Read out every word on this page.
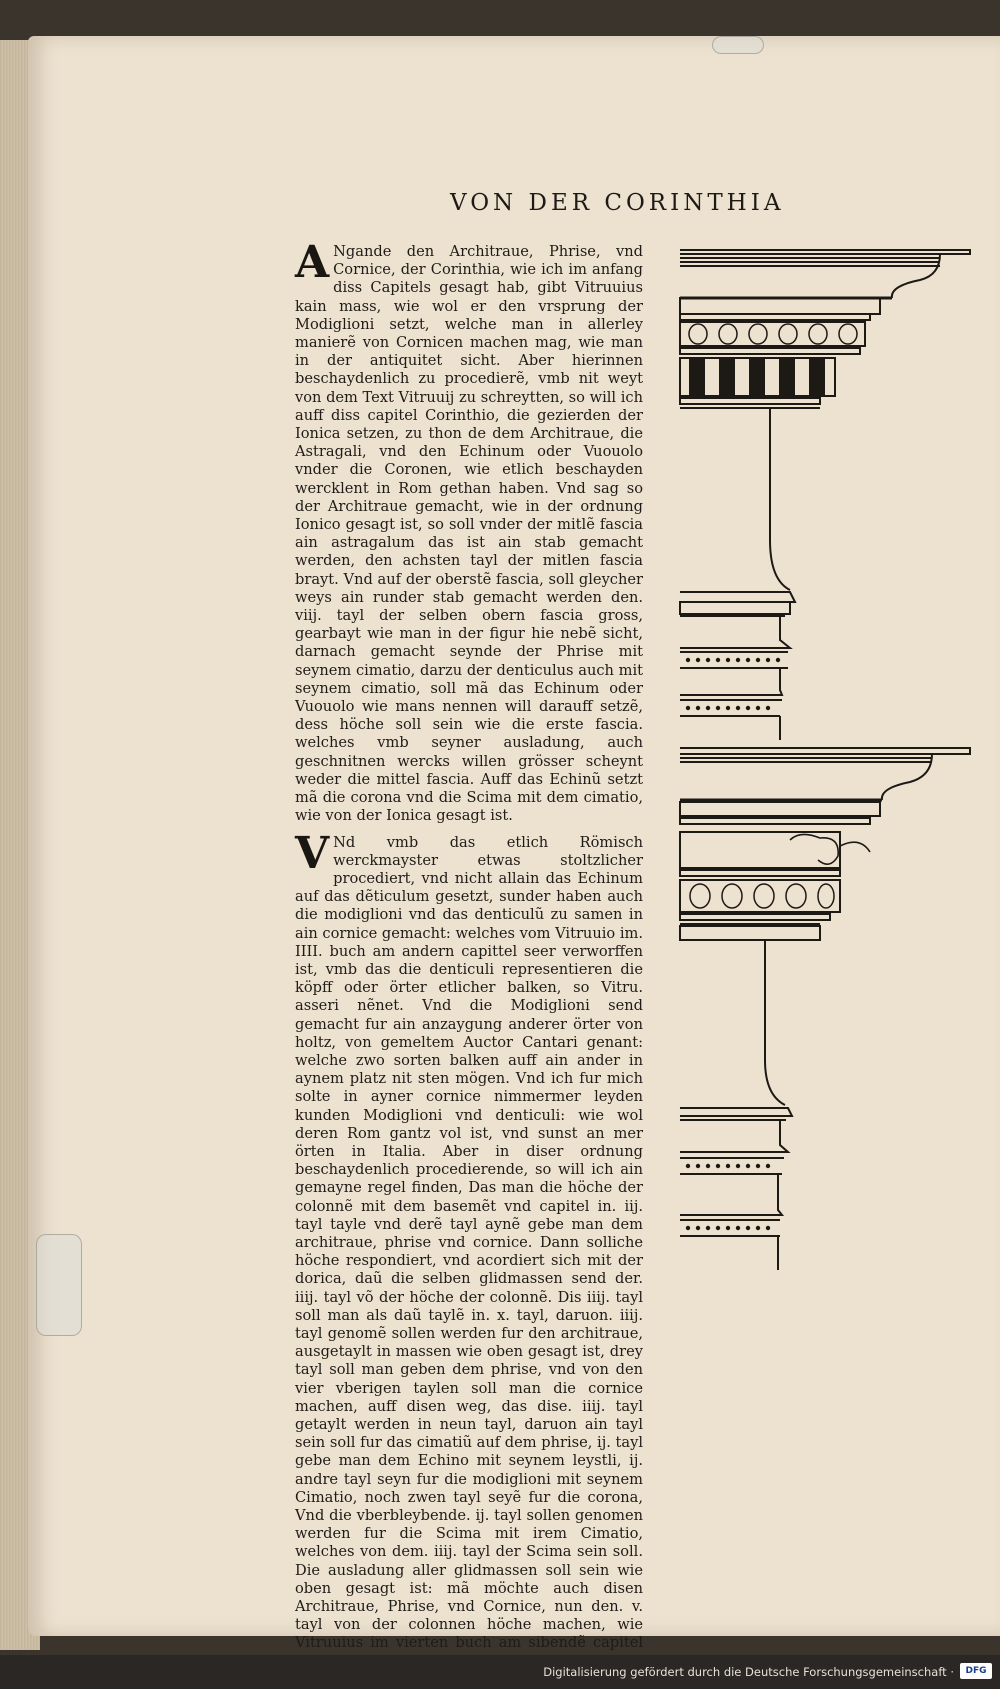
VON DER CORINTHIA

A Ngande den Architraue, Phrise, vnd Cornice, der Corinthia, wie ich im anfang diss Capitels gesagt hab, gibt Vitruuius kain mass, wie wol er den vrsprung der Modiglioni setzt, welche man in allerley manierẽ von Cornicen machen mag, wie man in der antiquitet sicht. Aber hierinnen beschaydenlich zu procedierẽ, vmb nit weyt von dem Text Vitruuij zu schreytten, so will ich auff diss capitel Corinthio, die gezierden der Ionica setzen, zu thon de dem Architraue, die Astragali, vnd den Echinum oder Vuouolo vnder die Coronen, wie etlich beschayden wercklent in Rom gethan haben. Vnd sag so der Architraue gemacht, wie in der ordnung Ionico gesagt ist, so soll vnder der mitlẽ fascia ain astragalum das ist ain stab gemacht werden, den achsten tayl der mitlen fascia brayt. Vnd auf der oberstẽ fascia, soll gleycher weys ain runder stab gemacht werden den. viij. tayl der selben obern fascia gross, gearbayt wie man in der figur hie nebẽ sicht, darnach gemacht seynde der Phrise mit seynem cimatio, darzu der denticulus auch mit seynem cimatio, soll mã das Echinum oder Vuouolo wie mans nennen will darauff setzẽ, dess höche soll sein wie die erste fascia. welches vmb seyner ausladung, auch geschnitnen wercks willen grösser scheynt weder die mittel fascia. Auff das Echinũ setzt mã die corona vnd die Scima mit dem cimatio, wie von der Ionica gesagt ist.

V Nd vmb das etlich Römisch werckmayster etwas stoltzlicher procediert, vnd nicht allain das Echinum auf das dẽticulum gesetzt, sunder haben auch die modiglioni vnd das denticulũ zu samen in ain cornice gemacht: welches vom Vitruuio im. IIII. buch am andern capittel seer verworffen ist, vmb das die denticuli representieren die köpff oder örter etlicher balken, so Vitru. asseri nẽnet. Vnd die Modiglioni send gemacht fur ain anzaygung anderer örter von holtz, von gemeltem Auctor Cantari genant: welche zwo sorten balken auff ain ander in aynem platz nit sten mögen. Vnd ich fur mich solte in ayner cornice nimmermer leyden kunden Modiglioni vnd denticuli: wie wol deren Rom gantz vol ist, vnd sunst an mer örten in Italia. Aber in diser ordnung beschaydenlich procedierende, so will ich ain gemayne regel finden, Das man die höche der colonnẽ mit dem basemẽt vnd capitel in. iij. tayl tayle vnd derẽ tayl aynẽ gebe man dem architraue, phrise vnd cornice. Dann solliche höche respondiert, vnd acordiert sich mit der dorica, daũ die selben glidmassen send der. iiij. tayl võ der höche der colonnẽ. Dis iiij. tayl soll man als daũ taylẽ in. x. tayl, daruon. iiij. tayl genomẽ sollen werden fur den architraue, ausgetaylt in massen wie oben gesagt ist, drey tayl soll man geben dem phrise, vnd von den vier vberigen taylen soll man die cornice machen, auff disen weg, das dise. iiij. tayl getaylt werden in neun tayl, daruon ain tayl sein soll fur das cimatiũ auf dem phrise, ij. tayl gebe man dem Echino mit seynem leystli, ij. andre tayl seyn fur die modiglioni mit seynem Cimatio, noch zwen tayl seyẽ fur die corona, Vnd die vberbleybende. ij. tayl sollen genomen werden fur die Scima mit irem Cimatio, welches von dem. iiij. tayl der Scima sein soll. Die ausladung aller glidmassen soll sein wie oben gesagt ist: mã möchte auch disen Architraue, Phrise, vnd Cornice, nun den. v. tayl von der colonnen höche machen, wie Vitruuius im vierten buch am sibendẽ capitel

Digitalisierung gefördert durch die Deutsche Forschungsgemeinschaft ·	DFG
